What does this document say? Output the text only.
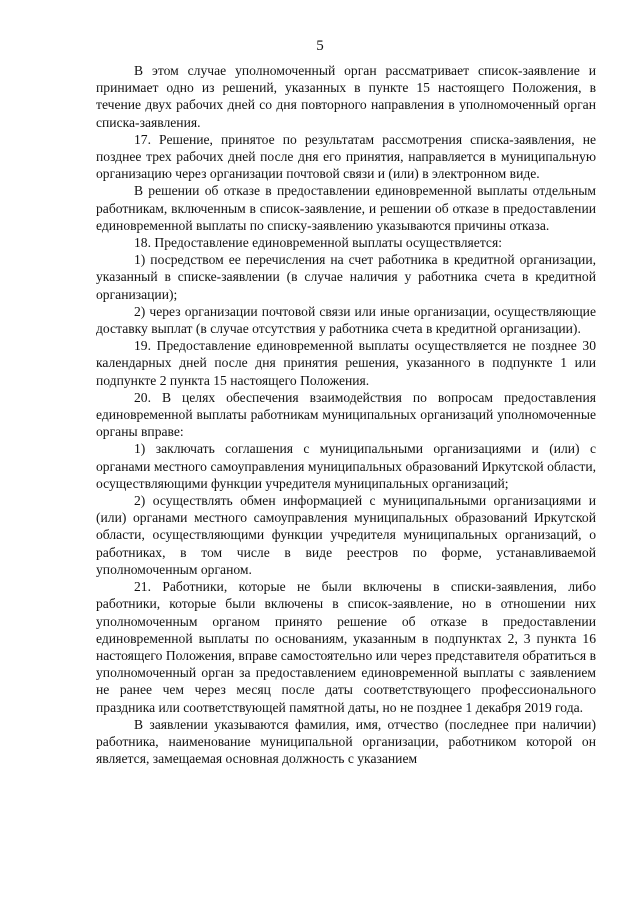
5

В этом случае уполномоченный орган рассматривает список-заявление и принимает одно из решений, указанных в пункте 15 настоящего Положения, в течение двух рабочих дней со дня повторного направления в уполномоченный орган списка-заявления.

17. Решение, принятое по результатам рассмотрения списка-заявления, не позднее трех рабочих дней после дня его принятия, направляется в муниципальную организацию через организации почтовой связи и (или) в электронном виде.

В решении об отказе в предоставлении единовременной выплаты отдельным работникам, включенным в список-заявление, и решении об отказе в предоставлении единовременной выплаты по списку-заявлению указываются причины отказа.

18. Предоставление единовременной выплаты осуществляется:

1) посредством ее перечисления на счет работника в кредитной организации, указанный в списке-заявлении (в случае наличия у работника счета в кредитной организации);

2) через организации почтовой связи или иные организации, осуществляющие доставку выплат (в случае отсутствия у работника счета в кредитной организации).

19. Предоставление единовременной выплаты осуществляется не позднее 30 календарных дней после дня принятия решения, указанного в подпункте 1 или подпункте 2 пункта 15 настоящего Положения.

20. В целях обеспечения взаимодействия по вопросам предоставления единовременной выплаты работникам муниципальных организаций уполномоченные органы вправе:

1) заключать соглашения с муниципальными организациями и (или) с органами местного самоуправления муниципальных образований Иркутской области, осуществляющими функции учредителя муниципальных организаций;

2) осуществлять обмен информацией с муниципальными организациями и (или) органами местного самоуправления муниципальных образований Иркутской области, осуществляющими функции учредителя муниципальных организаций, о работниках, в том числе в виде реестров по форме, устанавливаемой уполномоченным органом.

21. Работники, которые не были включены в списки-заявления, либо работники, которые были включены в список-заявление, но в отношении них уполномоченным органом принято решение об отказе в предоставлении единовременной выплаты по основаниям, указанным в подпунктах 2, 3 пункта 16 настоящего Положения, вправе самостоятельно или через представителя обратиться в уполномоченный орган за предоставлением единовременной выплаты с заявлением не ранее чем через месяц после даты соответствующего профессионального праздника или соответствующей памятной даты, но не позднее 1 декабря 2019 года.

В заявлении указываются фамилия, имя, отчество (последнее при наличии) работника, наименование муниципальной организации, работником которой он является, замещаемая основная должность с указанием
